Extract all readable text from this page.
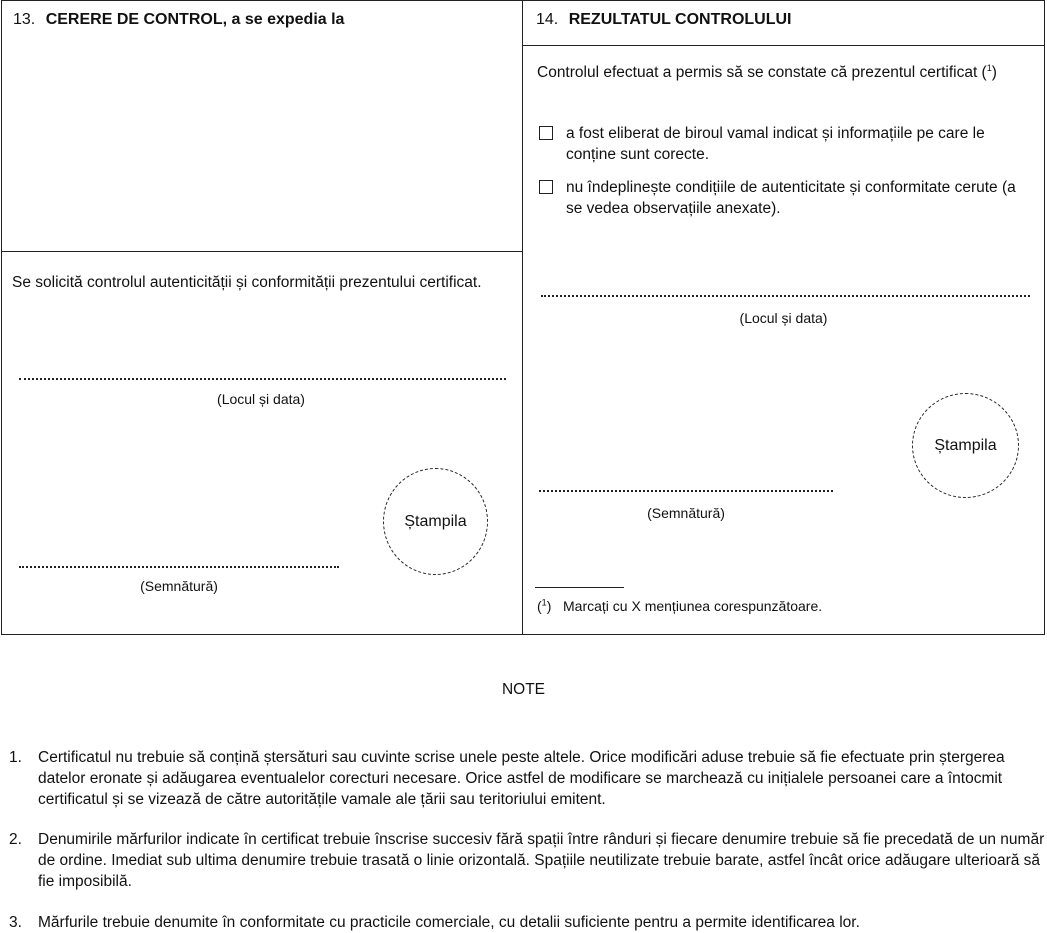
13. CERERE DE CONTROL, a se expedia la
Se solicită controlul autenticității și conformității prezentului certificat.
(Locul și data)
Ștampila
(Semnătură)
14. REZULTATUL CONTROLULUI
Controlul efectuat a permis să se constate că prezentul certificat ($^1$)
a fost eliberat de biroul vamal indicat și informațiile pe care le conține sunt corecte.
nu îndeplinește condițiile de autenticitate și conformitate cerute (a se vedea observațiile anexate).
(Locul și data)
Ștampila
(Semnătură)
($^1$) Marcați cu X mențiunea corespunzătoare.
NOTE
1. Certificatul nu trebuie să conțină ștersături sau cuvinte scrise unele peste altele. Orice modificări aduse trebuie să fie efectuate prin ștergerea datelor eronate și adăugarea eventualelor corecturi necesare. Orice astfel de modificare se marchează cu inițialele persoanei care a întocmit certificatul și se vizează de către autoritățile vamale ale țării sau teritoriului emitent.
2. Denumirile mărfurilor indicate în certificat trebuie înscrise succesiv fără spații între rânduri și fiecare denumire trebuie să fie precedată de un număr de ordine. Imediat sub ultima denumire trebuie trasată o linie orizontală. Spațiile neutilizate trebuie barate, astfel încât orice adăugare ulterioară să fie imposibilă.
3. Mărfurile trebuie denumite în conformitate cu practicile comerciale, cu detalii suficiente pentru a permite identificarea lor.
